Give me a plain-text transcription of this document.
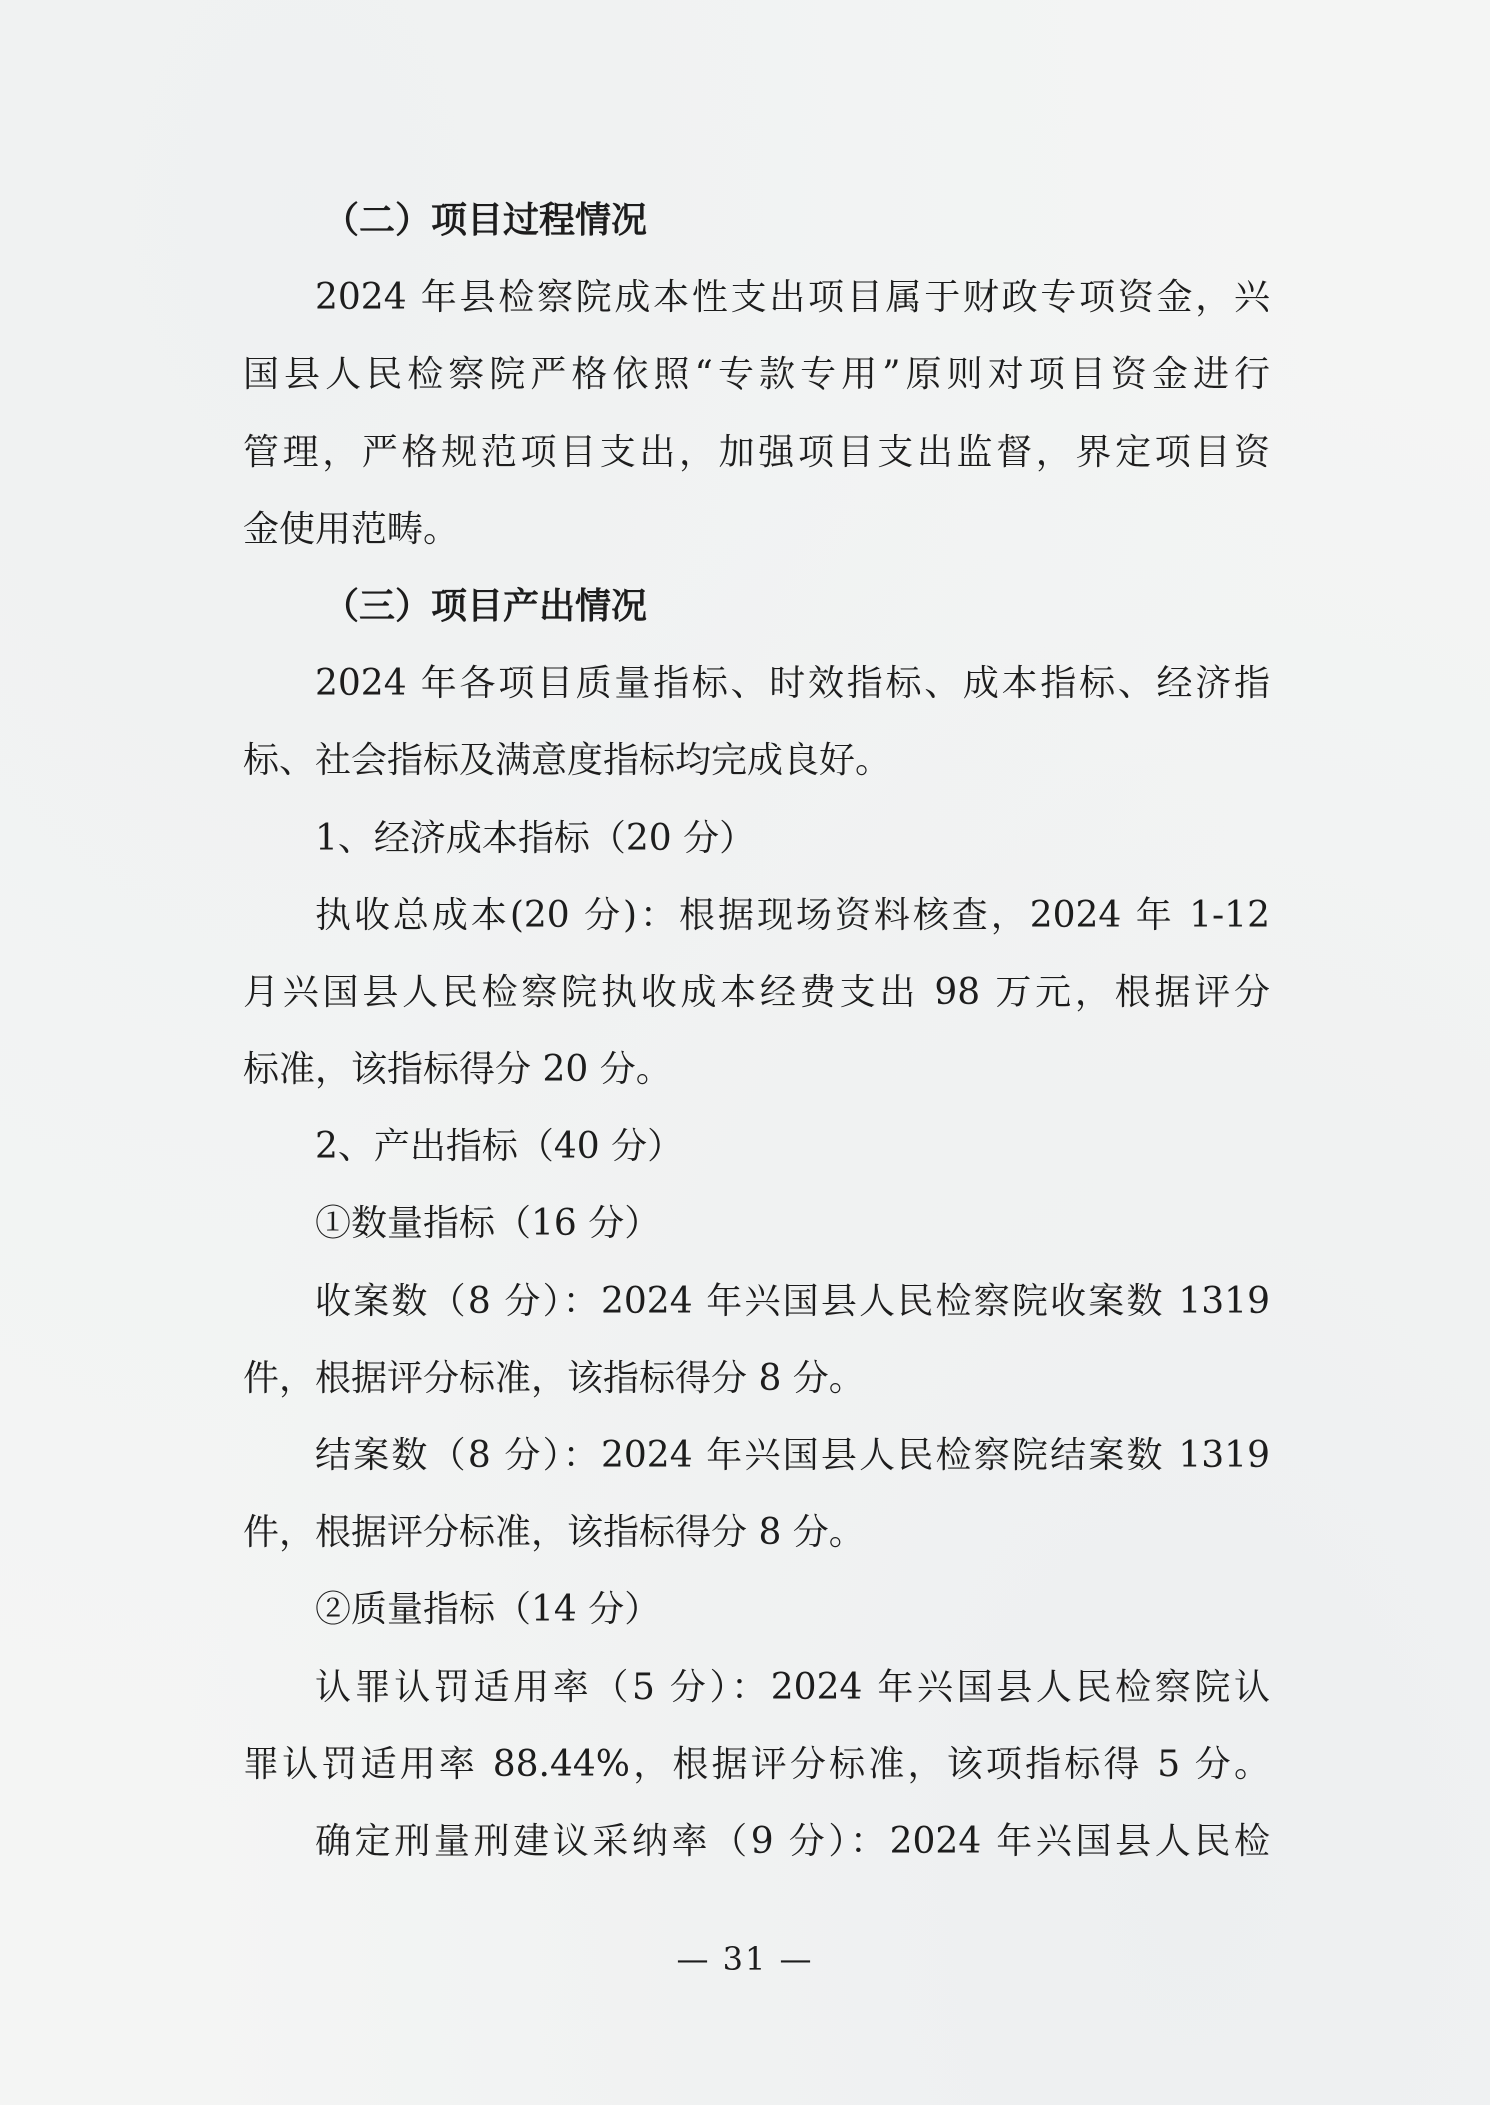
（二）项目过程情况
2024 年县检察院成本性支出项目属于财政专项资金，兴
国县人民检察院严格依照“专款专用”原则对项目资金进行
管理，严格规范项目支出，加强项目支出监督，界定项目资
金使用范畴。
（三）项目产出情况
2024 年各项目质量指标、时效指标、成本指标、经济指
标、社会指标及满意度指标均完成良好。
1、经济成本指标（20 分）
执收总成本(20 分)：根据现场资料核查，2024 年 1-12
月兴国县人民检察院执收成本经费支出 98 万元，根据评分
标准，该指标得分 20 分。
2、产出指标（40 分）
①数量指标（16 分）
收案数（8 分）：2024 年兴国县人民检察院收案数 1319
件，根据评分标准，该指标得分 8 分。
结案数（8 分）：2024 年兴国县人民检察院结案数 1319
件，根据评分标准，该指标得分 8 分。
②质量指标（14 分）
认罪认罚适用率（5 分）：2024 年兴国县人民检察院认
罪认罚适用率 88.44%，根据评分标准，该项指标得 5 分。
确定刑量刑建议采纳率（9 分）：2024 年兴国县人民检
— 31 —
